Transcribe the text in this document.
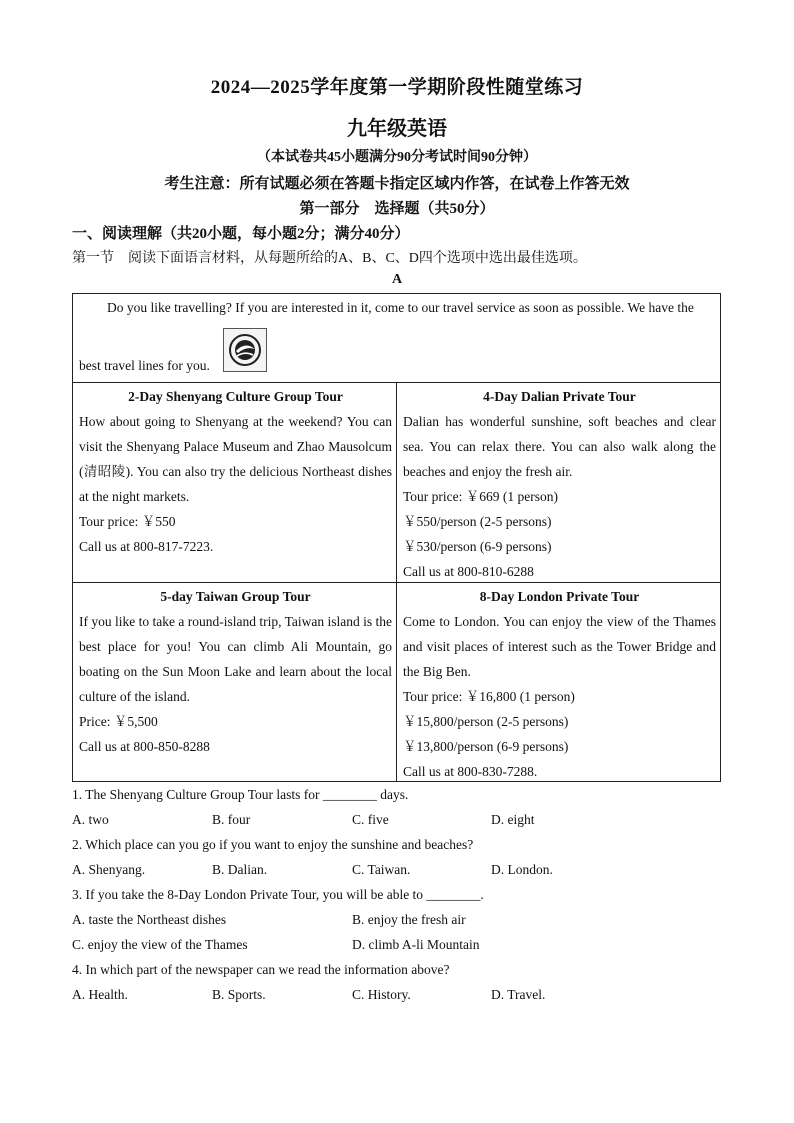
2024—2025学年度第一学期阶段性随堂练习
九年级英语
（本试卷共45小题满分90分考试时间90分钟）
考生注意：所有试题必须在答题卡指定区域内作答，在试卷上作答无效
第一部分　选择题（共50分）
一、阅读理解（共20小题，每小题2分；满分40分）
第一节　阅读下面语言材料，从每题所给的A、B、C、D四个选项中选出最佳选项。
A
Do you like travelling? If you are interested in it, come to our travel service as soon as possible. We have the
best travel lines for you.
2-Day Shenyang Culture Group Tour
How about going to Shenyang at the weekend? You can visit the Shenyang Palace Museum and Zhao Mausolcum (清昭陵). You can also try the delicious Northeast dishes at the night markets.
Tour price: ￥550
Call us at 800-817-7223.
4-Day Dalian Private Tour
Dalian has wonderful sunshine, soft beaches and clear sea. You can relax there. You can also walk along the beaches and enjoy the fresh air.
Tour price: ￥669 (1 person)
￥550/person (2-5 persons)
￥530/person (6-9 persons)
Call us at 800-810-6288
5-day Taiwan Group Tour
If you like to take a round-island trip, Taiwan island is the best place for you! You can climb Ali Mountain, go boating on the Sun Moon Lake and learn about the local culture of the island.
Price: ￥5,500
Call us at 800-850-8288
8-Day London Private Tour
Come to London. You can enjoy the view of the Thames and visit places of interest such as the Tower Bridge and the Big Ben.
Tour price: ￥16,800 (1 person)
￥15,800/person (2-5 persons)
￥13,800/person (6-9 persons)
Call us at 800-830-7288.
1. The Shenyang Culture Group Tour lasts for ________ days.
A. two	B. four	C. five	D. eight
2. Which place can you go if you want to enjoy the sunshine and beaches?
A. Shenyang.	B. Dalian.	C. Taiwan.	D. London.
3. If you take the 8-Day London Private Tour, you will be able to ________.
A. taste the Northeast dishes	B. enjoy the fresh air
C. enjoy the view of the Thames	D. climb A-li Mountain
4. In which part of the newspaper can we read the information above?
A. Health.	B. Sports.	C. History.	D. Travel.
